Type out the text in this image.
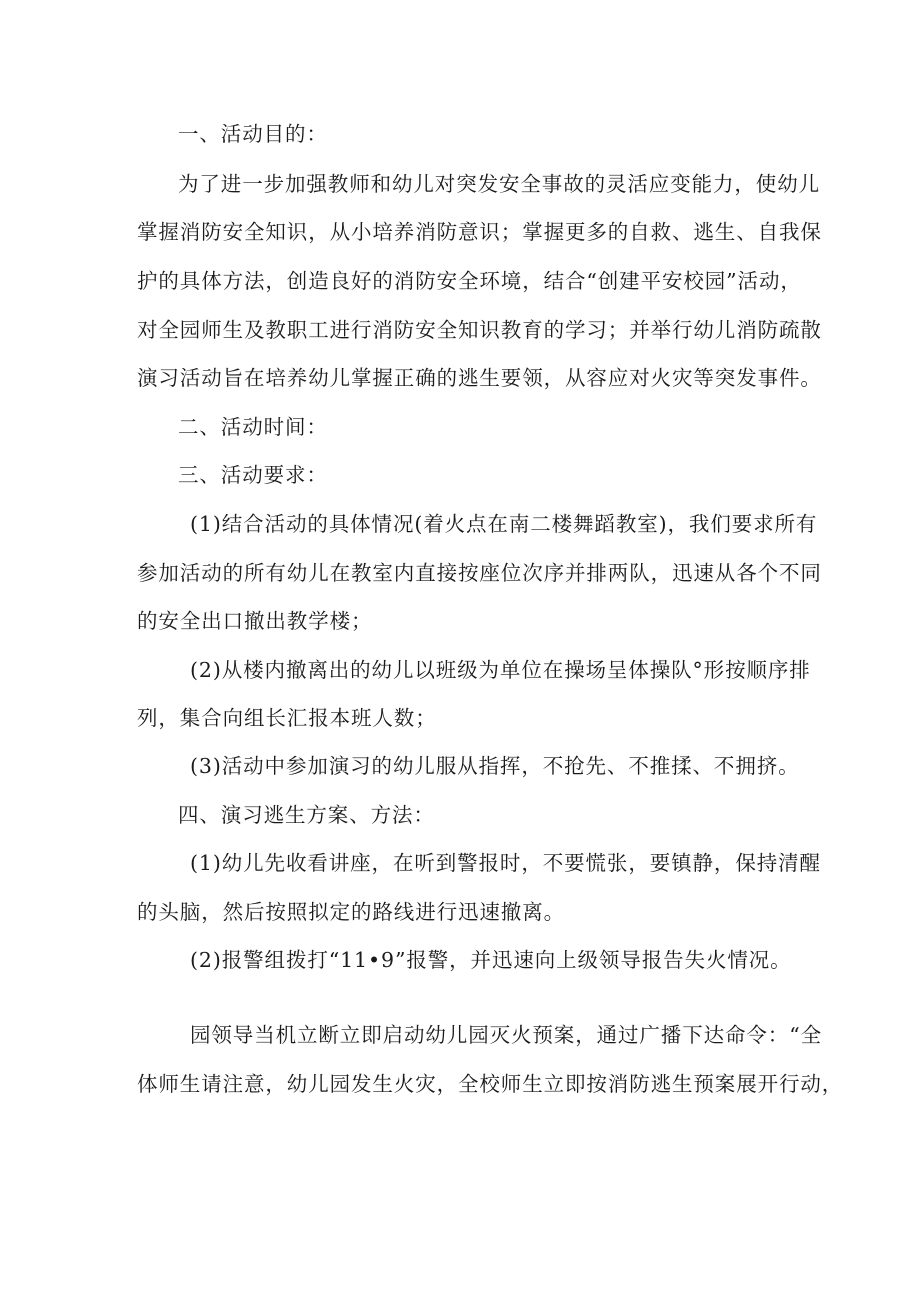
一、活动目的：
为了进一步加强教师和幼儿对突发安全事故的灵活应变能力，使幼儿
掌握消防安全知识，从小培养消防意识；掌握更多的自救、逃生、自我保
护的具体方法，创造良好的消防安全环境，结合“创建平安校园”活动，
对全园师生及教职工进行消防安全知识教育的学习；并举行幼儿消防疏散
演习活动旨在培养幼儿掌握正确的逃生要领，从容应对火灾等突发事件。
二、活动时间：
三、活动要求：
(1)结合活动的具体情况(着火点在南二楼舞蹈教室)，我们要求所有
参加活动的所有幼儿在教室内直接按座位次序并排两队，迅速从各个不同
的安全出口撤出教学楼；
(2)从楼内撤离出的幼儿以班级为单位在操场呈体操队°形按顺序排
列，集合向组长汇报本班人数；
(3)活动中参加演习的幼儿服从指挥，不抢先、不推揉、不拥挤。
四、演习逃生方案、方法：
(1)幼儿先收看讲座，在听到警报时，不要慌张，要镇静，保持清醒
的头脑，然后按照拟定的路线进行迅速撤离。
(2)报警组拨打“11•9”报警，并迅速向上级领导报告失火情况。
园领导当机立断立即启动幼儿园灭火预案，通过广播下达命令：“全
体师生请注意，幼儿园发生火灾，全校师生立即按消防逃生预案展开行动，
